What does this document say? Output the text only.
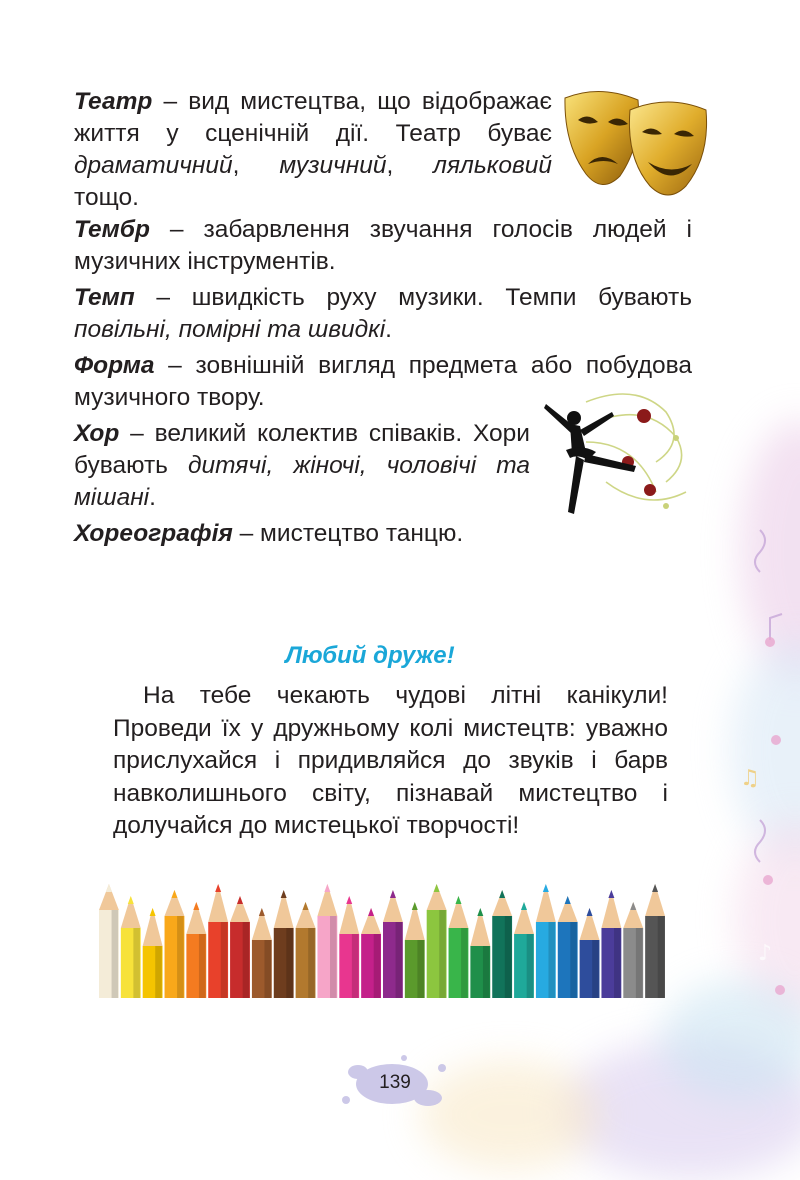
♫
♪
Театр – вид мистецтва, що відображає життя у сценічній дії. Театр буває драматичний, музичний, ляльковий тощо.
Тембр – забарвлення звучання голосів людей і музичних інструментів.
Темп – швидкість руху музики. Темпи бувають повільні, помірні та швидкі.
Форма – зовнішній вигляд предмета або побудова музичного твору.
Хор – великий колектив співаків. Хори бувають дитячі, жіночі, чоловічі та мішані.
Хореографія – мистецтво танцю.
Любий друже!

На тебе чекають чудові літні канікули! Проведи їх у дружньому колі мистецтв: уважно прислухайся і придивляйся до звуків і барв навколишнього світу, пізнавай мистецтво і долучайся до мистецької творчості!

139
